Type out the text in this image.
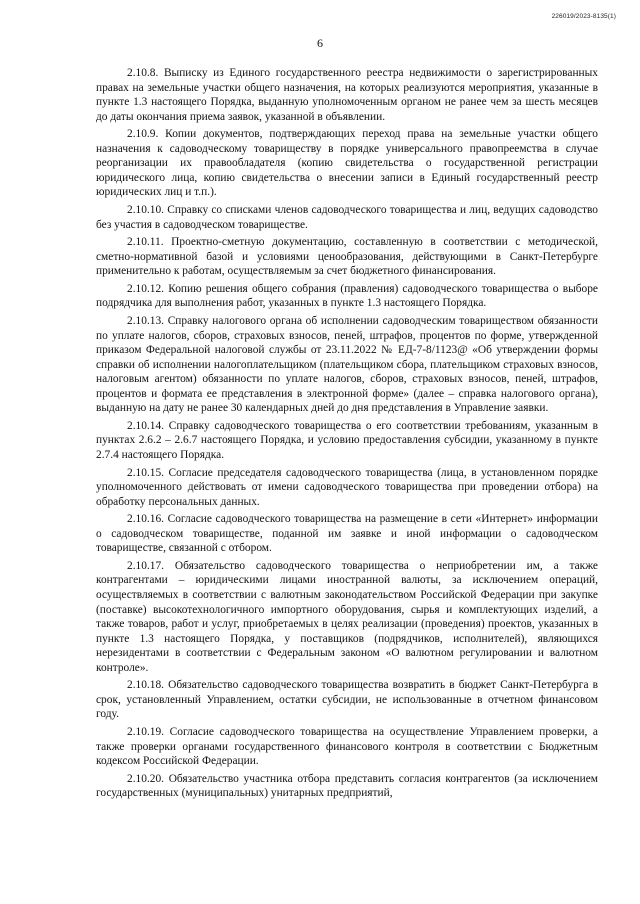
226019/2023-8135(1)
6

2.10.8. Выписку из Единого государственного реестра недвижимости о зарегистрированных правах на земельные участки общего назначения, на которых реализуются мероприятия, указанные в пункте 1.3 настоящего Порядка, выданную уполномоченным органом не ранее чем за шесть месяцев до даты окончания приема заявок, указанной в объявлении.

2.10.9. Копии документов, подтверждающих переход права на земельные участки общего назначения к садоводческому товариществу в порядке универсального правопреемства в случае реорганизации их правообладателя (копию свидетельства о государственной регистрации юридического лица, копию свидетельства о внесении записи в Единый государственный реестр юридических лиц и т.п.).

2.10.10. Справку со списками членов садоводческого товарищества и лиц, ведущих садоводство без участия в садоводческом товариществе.

2.10.11. Проектно-сметную документацию, составленную в соответствии с методической, сметно-нормативной базой и условиями ценообразования, действующими в Санкт-Петербурге применительно к работам, осуществляемым за счет бюджетного финансирования.

2.10.12. Копию решения общего собрания (правления) садоводческого товарищества о выборе подрядчика для выполнения работ, указанных в пункте 1.3 настоящего Порядка.

2.10.13. Справку налогового органа об исполнении садоводческим товариществом обязанности по уплате налогов, сборов, страховых взносов, пеней, штрафов, процентов по форме, утвержденной приказом Федеральной налоговой службы от 23.11.2022 № ЕД-7-8/1123@ «Об утверждении формы справки об исполнении налогоплательщиком (плательщиком сбора, плательщиком страховых взносов, налоговым агентом) обязанности по уплате налогов, сборов, страховых взносов, пеней, штрафов, процентов и формата ее представления в электронной форме» (далее – справка налогового органа), выданную на дату не ранее 30 календарных дней до дня представления в Управление заявки.

2.10.14. Справку садоводческого товарищества о его соответствии требованиям, указанным в пунктах 2.6.2 – 2.6.7 настоящего Порядка, и условию предоставления субсидии, указанному в пункте 2.7.4 настоящего Порядка.

2.10.15. Согласие председателя садоводческого товарищества (лица, в установленном порядке уполномоченного действовать от имени садоводческого товарищества при проведении отбора) на обработку персональных данных.

2.10.16. Согласие садоводческого товарищества на размещение в сети «Интернет» информации о садоводческом товариществе, поданной им заявке и иной информации о садоводческом товариществе, связанной с отбором.

2.10.17. Обязательство садоводческого товарищества о неприобретении им, а также контрагентами – юридическими лицами иностранной валюты, за исключением операций, осуществляемых в соответствии с валютным законодательством Российской Федерации при закупке (поставке) высокотехнологичного импортного оборудования, сырья и комплектующих изделий, а также товаров, работ и услуг, приобретаемых в целях реализации (проведения) проектов, указанных в пункте 1.3 настоящего Порядка, у поставщиков (подрядчиков, исполнителей), являющихся нерезидентами в соответствии с Федеральным законом «О валютном регулировании и валютном контроле».

2.10.18. Обязательство садоводческого товарищества возвратить в бюджет Санкт-Петербурга в срок, установленный Управлением, остатки субсидии, не использованные в отчетном финансовом году.

2.10.19. Согласие садоводческого товарищества на осуществление Управлением проверки, а также проверки органами государственного финансового контроля в соответствии с Бюджетным кодексом Российской Федерации.

2.10.20. Обязательство участника отбора представить согласия контрагентов (за исключением государственных (муниципальных) унитарных предприятий,
